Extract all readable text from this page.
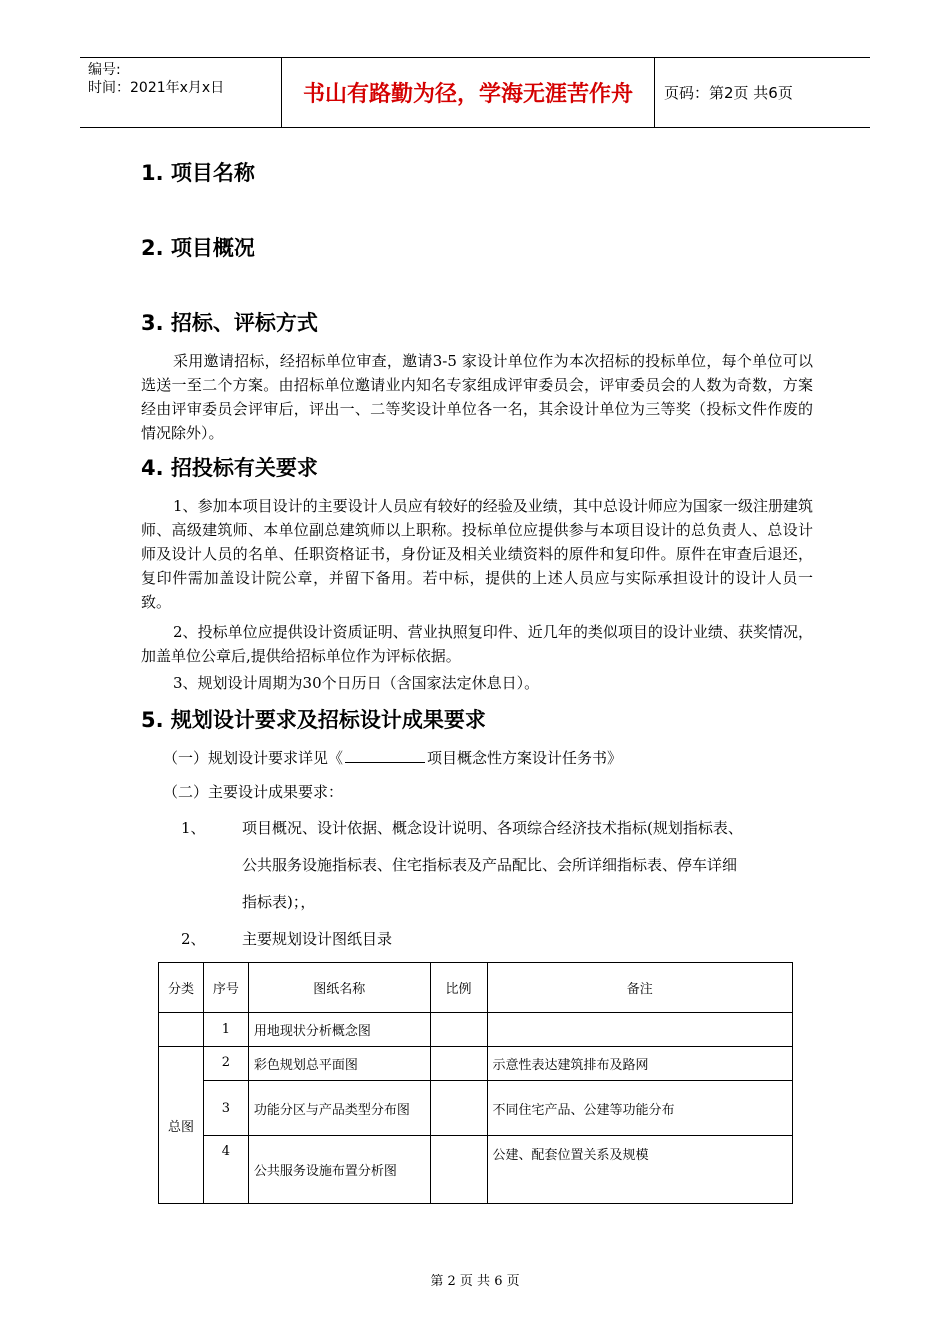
编号:
时间：2021年x月x日	书山有路勤为径，学海无涯苦作舟	页码：第2页 共6页
1. 项目名称
2. 项目概况
3. 招标、评标方式

采用邀请招标，经招标单位审查，邀请3-5 家设计单位作为本次招标的投标单位，每个单位可以选送一至二个方案。由招标单位邀请业内知名专家组成评审委员会，评审委员会的人数为奇数，方案经由评审委员会评审后，评出一、二等奖设计单位各一名，其余设计单位为三等奖（投标文件作废的情况除外）。

4. 招投标有关要求

1、参加本项目设计的主要设计人员应有较好的经验及业绩，其中总设计师应为国家一级注册建筑师、高级建筑师、本单位副总建筑师以上职称。投标单位应提供参与本项目设计的总负责人、总设计师及设计人员的名单、任职资格证书，身份证及相关业绩资料的原件和复印件。原件在审查后退还，复印件需加盖设计院公章，并留下备用。若中标，提供的上述人员应与实际承担设计的设计人员一致。

2、投标单位应提供设计资质证明、营业执照复印件、近几年的类似项目的设计业绩、获奖情况，加盖单位公章后,提供给招标单位作为评标依据。

3、规划设计周期为30个日历日（含国家法定休息日）。

5. 规划设计要求及招标设计成果要求
（一）规划设计要求详见《	项目概念性方案设计任务书》
（二）主要设计成果要求：
1、 项目概况、设计依据、概念设计说明、各项综合经济技术指标(规划指标表、
公共服务设施指标表、住宅指标表及产品配比、会所详细指标表、停车详细
指标表)；，
2、 主要规划设计图纸目录
分类	序号	图纸名称	比例	备注
	1	用地现状分析概念图		
总图	2	彩色规划总平面图		示意性表达建筑排布及路网
	3	功能分区与产品类型分布图		不同住宅产品、公建等功能分布
	4	公共服务设施布置分析图		公建、配套位置关系及规模
第 2 页 共 6 页
